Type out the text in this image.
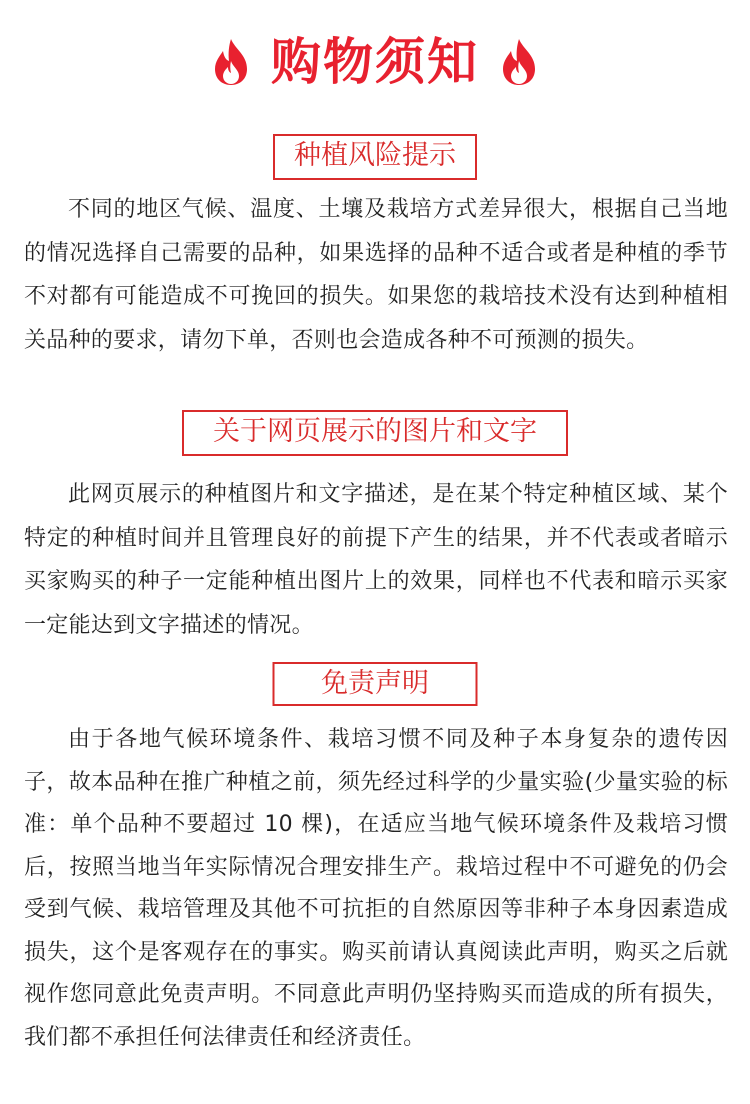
购物须知
种植风险提示
不同的地区气候、温度、土壤及栽培方式差异很大，根据自己当地的情况选择自己需要的品种，如果选择的品种不适合或者是种植的季节不对都有可能造成不可挽回的损失。如果您的栽培技术没有达到种植相关品种的要求，请勿下单，否则也会造成各种不可预测的损失。
关于网页展示的图片和文字
此网页展示的种植图片和文字描述，是在某个特定种植区域、某个特定的种植时间并且管理良好的前提下产生的结果，并不代表或者暗示买家购买的种子一定能种植出图片上的效果，同样也不代表和暗示买家一定能达到文字描述的情况。
免责声明
由于各地气候环境条件、栽培习惯不同及种子本身复杂的遗传因子，故本品种在推广种植之前，须先经过科学的少量实验(少量实验的标准：单个品种不要超过 10 棵)，在适应当地气候环境条件及栽培习惯后，按照当地当年实际情况合理安排生产。栽培过程中不可避免的仍会受到气候、栽培管理及其他不可抗拒的自然原因等非种子本身因素造成损失，这个是客观存在的事实。购买前请认真阅读此声明，购买之后就视作您同意此免责声明。不同意此声明仍坚持购买而造成的所有损失，我们都不承担任何法律责任和经济责任。
